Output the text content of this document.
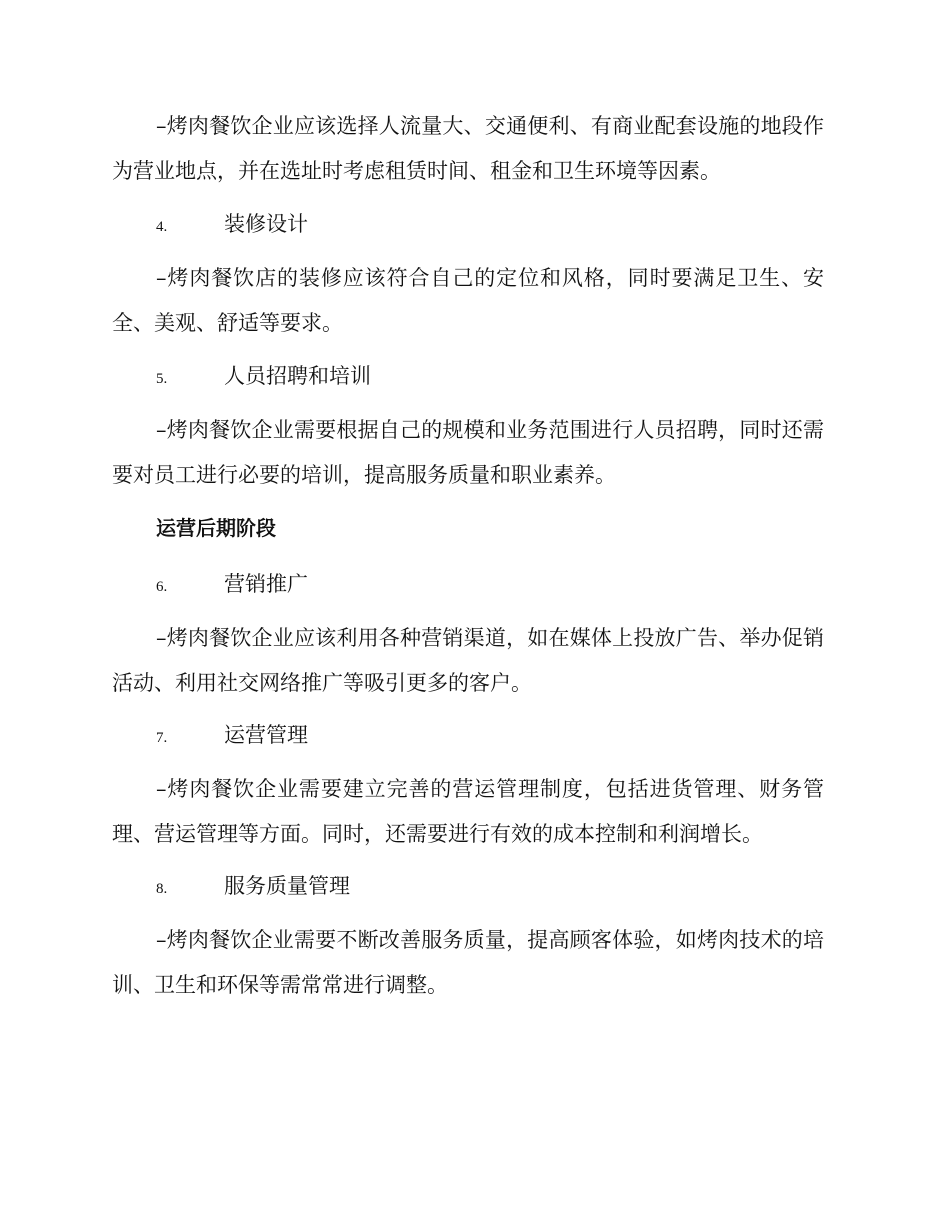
–烤肉餐饮企业应该选择人流量大、交通便利、有商业配套设施的地段作为营业地点，并在选址时考虑租赁时间、租金和卫生环境等因素。

4.	装修设计

–烤肉餐饮店的装修应该符合自己的定位和风格，同时要满足卫生、安全、美观、舒适等要求。

5.	人员招聘和培训

–烤肉餐饮企业需要根据自己的规模和业务范围进行人员招聘，同时还需要对员工进行必要的培训，提高服务质量和职业素养。

运营后期阶段
6.	营销推广

–烤肉餐饮企业应该利用各种营销渠道，如在媒体上投放广告、举办促销活动、利用社交网络推广等吸引更多的客户。

7.	运营管理

–烤肉餐饮企业需要建立完善的营运管理制度，包括进货管理、财务管理、营运管理等方面。同时，还需要进行有效的成本控制和利润增长。

8.	服务质量管理

–烤肉餐饮企业需要不断改善服务质量，提高顾客体验，如烤肉技术的培训、卫生和环保等需常常进行调整。
